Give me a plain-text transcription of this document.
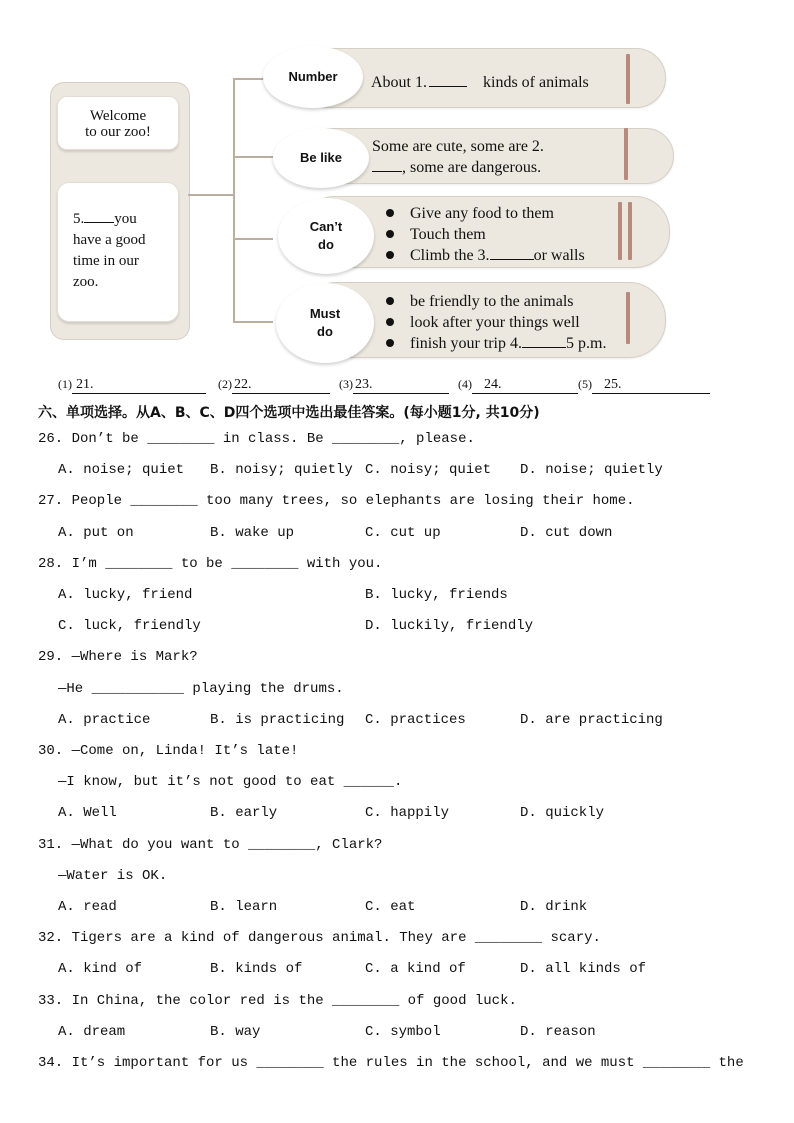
Welcome
to our zoo!
5. you
have a good
time in our
zoo.
Number About 1.	kinds of animals
Be like
Some are cute, some are 2.
, some are dangerous.
Can’t
do
Give any food to them
Touch them
Climb the 3.	or walls
Must
do
be friendly to the animals
look after your things well
finish your trip 4.	5 p.m.
(1) 21.	(2) 22.	(3) 23.	(4) 24.	(5) 25.
六、单项选择。从A、B、C、D四个选项中选出最佳答案。(每小题1分, 共10分)
26. Don’t be ________ in class. Be ________, please.
A. noise; quiet B. noisy; quietly C. noisy; quiet D. noise; quietly
27. People ________ too many trees, so elephants are losing their home.
A. put on	B. wake up	C. cut up	D. cut down
28. I’m ________ to be ________ with you.
A. lucky, friend	B. lucky, friends
C. luck, friendly	D. luckily, friendly
29. —Where is Mark?
—He ___________ playing the drums.
A. practice	B. is practicing C. practices	D. are practicing
30. —Come on, Linda! It’s late!
—I know, but it’s not good to eat ______.
A. Well	B. early	C. happily	D. quickly
31. —What do you want to ________, Clark?
—Water is OK.
A. read	B. learn	C. eat	D. drink
32. Tigers are a kind of dangerous animal. They are ________ scary.
A. kind of	B. kinds of	C. a kind of	D. all kinds of
33. In China, the color red is the ________ of good luck.
A. dream	B. way	C. symbol	D. reason
34. It’s important for us ________ the rules in the school, and we must ________ the
